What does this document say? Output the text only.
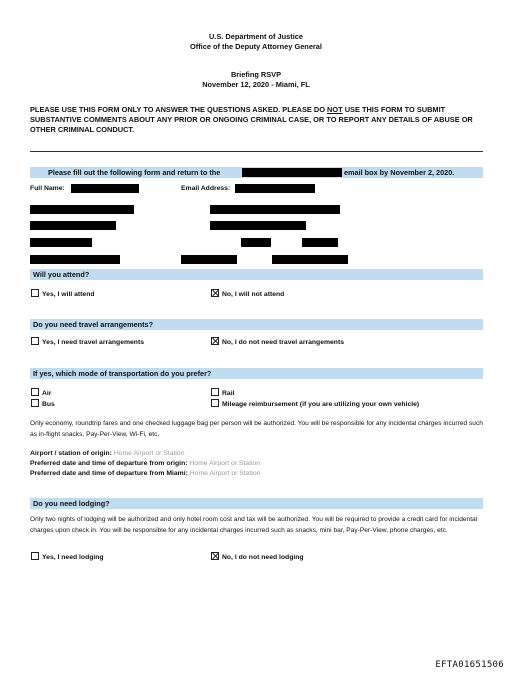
U.S. Department of Justice
Office of the Deputy Attorney General
Briefing RSVP
November 12, 2020 - Miami, FL
PLEASE USE THIS FORM ONLY TO ANSWER THE QUESTIONS ASKED. PLEASE DO NOT USE THIS FORM TO SUBMIT SUBSTANTIVE COMMENTS ABOUT ANY PRIOR OR ONGOING CRIMINAL CASE, OR TO REPORT ANY DETAILS OF ABUSE OR OTHER CRIMINAL CONDUCT.
Please fill out the following form and return to the	email box by November 2, 2020.
Full Name:	Email Address:
Will you attend?
Yes, I will attend	No, I will not attend
Do you need travel arrangements?
Yes, I need travel arrangements	No, I do not need travel arrangements
If yes, which mode of transportation do you prefer?
Air	Rail
Bus	Mileage reimbursement (if you are utilizing your own vehicle)
Only economy, roundtrip fares and one checked luggage bag per person will be authorized. You will be responsible for any incidental charges incurred such as in-flight snacks, Pay-Per-View, Wi-Fi, etc.
Airport / station of origin: Home Airport or Station
Preferred date and time of departure from origin: Home Airport or Station
Preferred date and time of departure from Miami: Home Airport or Station
Do you need lodging?
Only two nights of lodging will be authorized and only hotel room cost and tax will be authorized. You will be required to provide a credit card for incidental charges upon check in. You will be responsible for any incidental charges incurred such as snacks, mini bar, Pay-Per-View, phone charges, etc.
Yes, I need lodging	No, I do not need lodging
EFTA01651506
